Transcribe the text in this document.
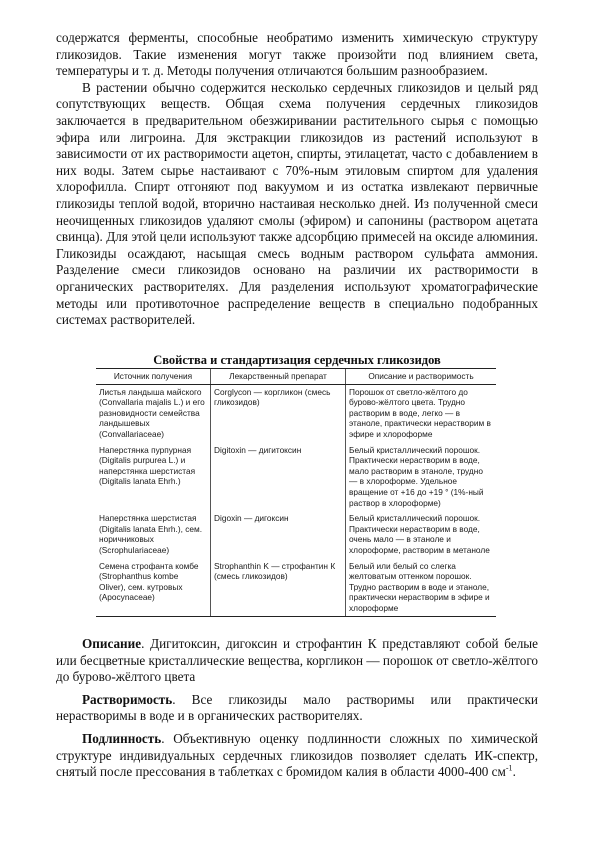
содержатся ферменты, способные необратимо изменить химическую структуру гликозидов. Такие изменения могут также произойти под влиянием света, температуры и т. д. Методы получения отличаются большим разнообразием.

В растении обычно содержится несколько сердечных гликозидов и целый ряд сопутствующих веществ. Общая схема получения сердечных гликозидов заключается в предварительном обезжиривании растительного сырья с помощью эфира или лигроина. Для экстракции гликозидов из растений используют в зависимости от их растворимости ацетон, спирты, этилацетат, часто с добавлением в них воды. Затем сырье настаивают с 70%-ным этиловым спиртом для удаления хлорофилла. Спирт отгоняют под вакуумом и из остатка извлекают первичные гликозиды теплой водой, вторично настаивая несколько дней. Из полученной смеси неочищенных гликозидов удаляют смолы (эфиром) и сапонины (раствором ацетата свинца). Для этой цели используют также адсорбцию примесей на оксиде алюминия. Гликозиды осаждают, насыщая смесь водным раствором сульфата аммония. Разделение смеси гликозидов основано на различии их растворимости в органических растворителях. Для разделения используют хроматографические методы или противоточное распределение веществ в специально подобранных системах растворителей.

Свойства и стандартизация сердечных гликозидов
Источник получения	Лекарственный препарат	Описание и растворимость
Листья ландыша майского (Convallaria majalis L.) и его разновидности семейства ландышевых (Convallariaceae)	Corglycon — коргликон (смесь гликозидов)	Порошок от светло-жёлтого до бурово-жёлтого цвета. Трудно растворим в воде, легко — в этаноле, практически нерастворим в эфире и хлороформе
Наперстянка пурпурная (Digitalis purpurea L.) и наперстянка шерстистая (Digitalis lanata Ehrh.)	Digitoxin — дигитоксин	Белый кристаллический порошок. Практически нерастворим в воде, мало растворим в этаноле, трудно — в хлороформе. Удельное вращение от +16 до +19 ° (1%-ный раствор в хлороформе)
Наперстянка шерстистая (Digitalis lanata Ehrh.), сем. норичниковых (Scrophulariaceae)	Digoxin — дигоксин	Белый кристаллический порошок. Практически нерастворим в воде, очень мало — в этаноле и хлороформе, растворим в метаноле
Семена строфанта комбе (Strophanthus kombe Oliver), сем. кутровых (Apocynaceae)	Strophanthin K — строфантин К (смесь гликозидов)	Белый или белый со слегка желтоватым оттенком порошок. Трудно растворим в воде и этаноле, практически нерастворим в эфире и хлороформе

Описание. Дигитоксин, дигоксин и строфантин К представляют собой белые или бесцветные кристаллические вещества, коргликон — порошок от светло-жёлтого до бурово-жёлтого цвета

Растворимость. Все гликозиды мало растворимы или практически нерастворимы в воде и в органических растворителях.

Подлинность. Объективную оценку подлинности сложных по химической структуре индивидуальных сердечных гликозидов позволяет сделать ИК-спектр, снятый после прессования в таблетках с бромидом калия в области 4000-400 $см^{-1}$.
